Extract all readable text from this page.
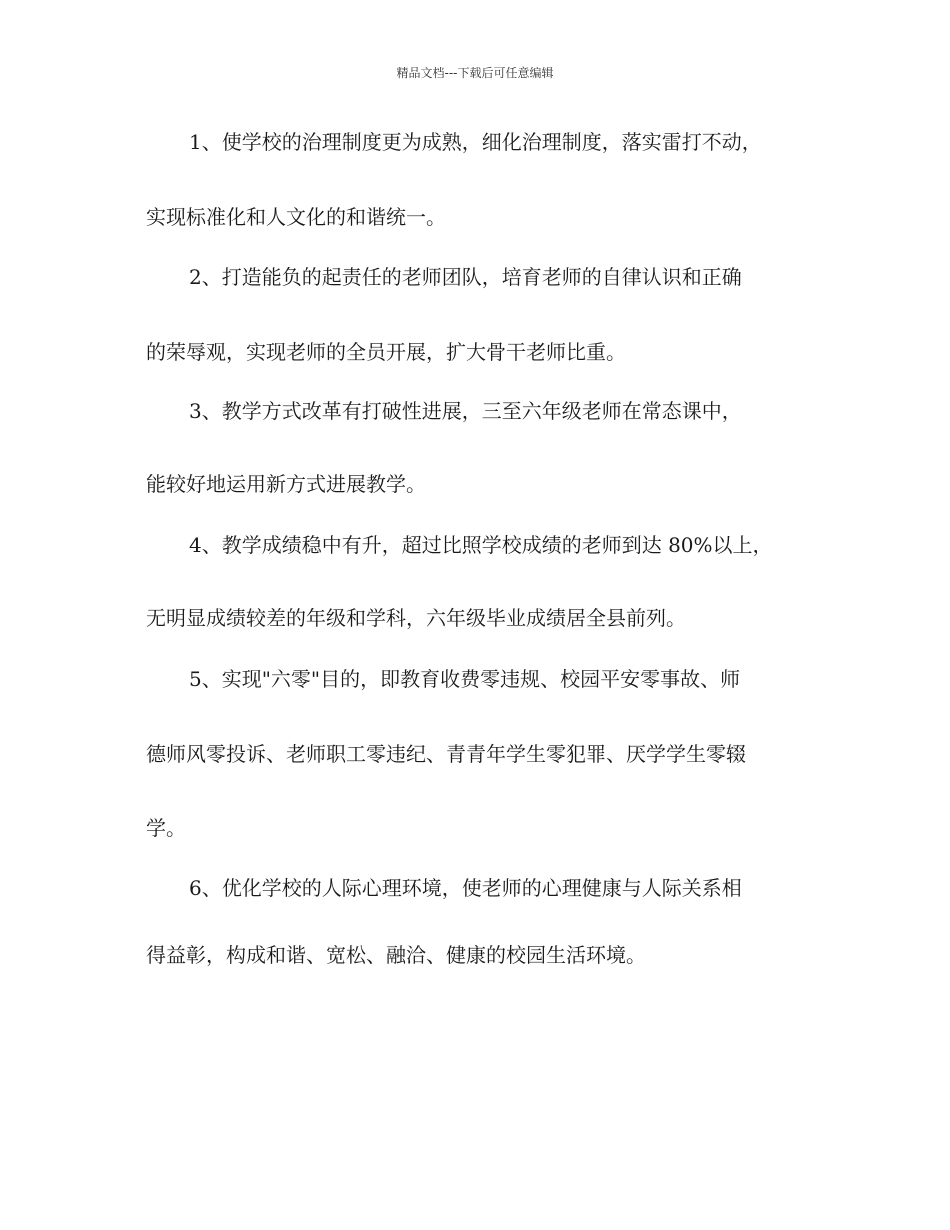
精品文档---下载后可任意编辑
1、使学校的治理制度更为成熟，细化治理制度，落实雷打不动，
实现标准化和人文化的和谐统一。
2、打造能负的起责任的老师团队，培育老师的自律认识和正确
的荣辱观，实现老师的全员开展，扩大骨干老师比重。
3、教学方式改革有打破性进展，三至六年级老师在常态课中，
能较好地运用新方式进展教学。
4、教学成绩稳中有升，超过比照学校成绩的老师到达 80%以上，
无明显成绩较差的年级和学科，六年级毕业成绩居全县前列。
5、实现"六零"目的，即教育收费零违规、校园平安零事故、师
德师风零投诉、老师职工零违纪、青青年学生零犯罪、厌学学生零辍
学。
6、优化学校的人际心理环境，使老师的心理健康与人际关系相
得益彰，构成和谐、宽松、融洽、健康的校园生活环境。
